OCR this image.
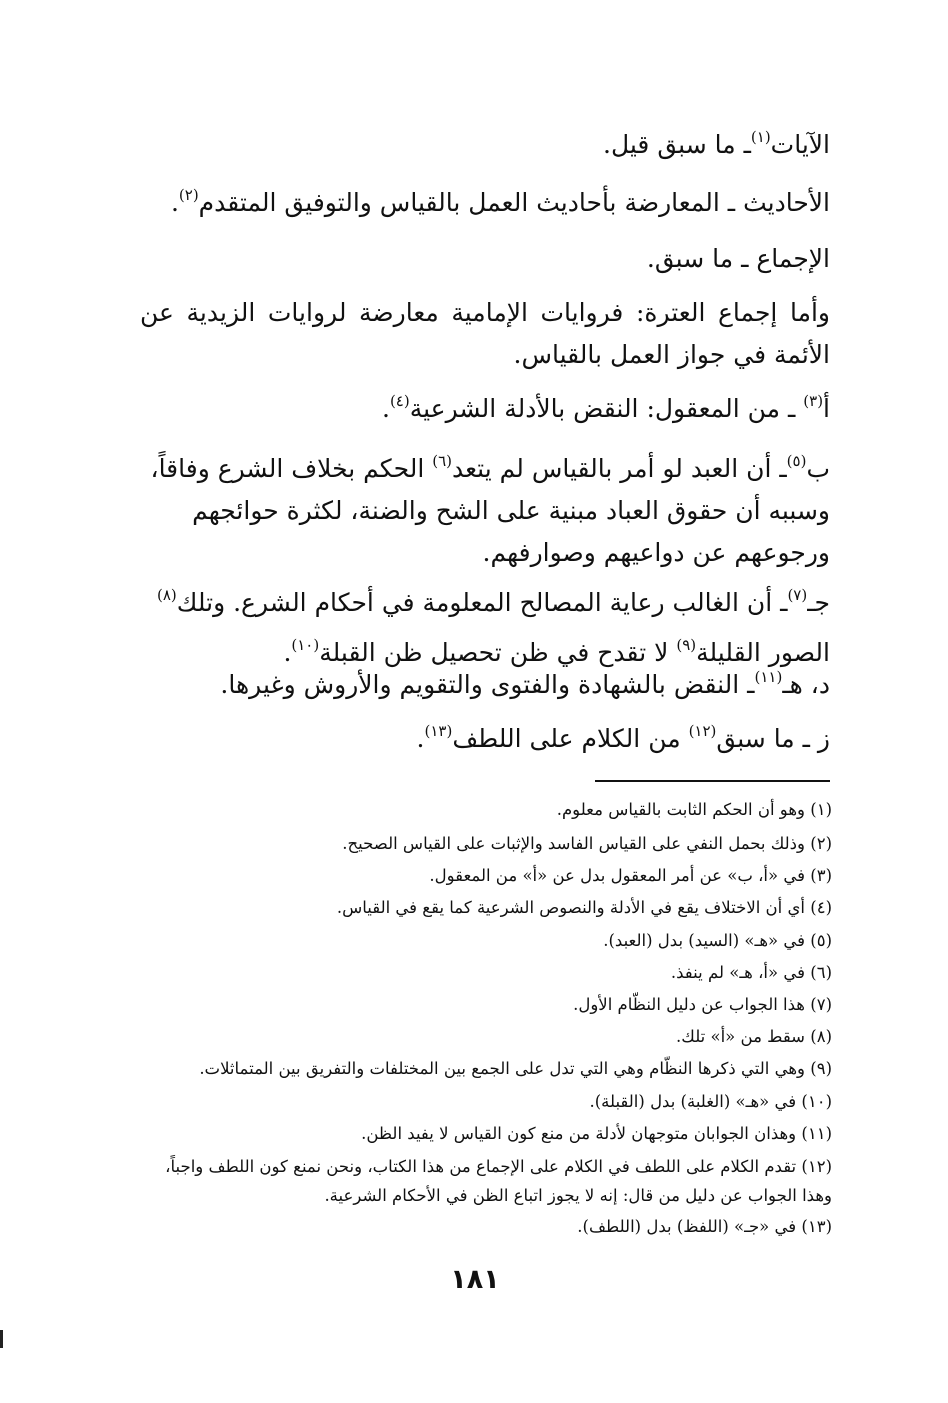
الآيات$^{(١)}$ـ ما سبق قيل.
الأحاديث ـ المعارضة بأحاديث العمل بالقياس والتوفيق المتقدم$^{(٢)}$.
الإجماع ـ ما سبق.
وأما إجماع العترة: فروايات الإمامية معارضة لروايات الزيدية عن الأئمة في جواز العمل بالقياس.
أ$^{(٣)}$ ـ من المعقول: النقض بالأدلة الشرعية$^{(٤)}$.
ب$^{(٥)}$ـ أن العبد لو أمر بالقياس لم يتعد$^{(٦)}$ الحكم بخلاف الشرع وفاقاً، وسببه أن حقوق العباد مبنية على الشح والضنة، لكثرة حوائجهم ورجوعهم عن دواعيهم وصوارفهم.
جـ$^{(٧)}$ـ أن الغالب رعاية المصالح المعلومة في أحكام الشرع. وتلك$^{(٨)}$ الصور القليلة$^{(٩)}$ لا تقدح في ظن تحصيل ظن القبلة$^{(١٠)}$.
د، هـ$^{(١١)}$ـ النقض بالشهادة والفتوى والتقويم والأروش وغيرها.
ز ـ ما سبق$^{(١٢)}$ من الكلام على اللطف$^{(١٣)}$.
(١) وهو أن الحكم الثابت بالقياس معلوم.
(٢) وذلك بحمل النفي على القياس الفاسد والإثبات على القياس الصحيح.
(٣) في «أ، ب» عن أمر المعقول بدل عن «أ» من المعقول.
(٤) أي أن الاختلاف يقع في الأدلة والنصوص الشرعية كما يقع في القياس.
(٥) في «هـ» (السيد) بدل (العبد).
(٦) في «أ، هـ» لم ينفذ.
(٧) هذا الجواب عن دليل النظّام الأول.
(٨) سقط من «أ» تلك.
(٩) وهي التي ذكرها النظّام وهي التي تدل على الجمع بين المختلفات والتفريق بين المتماثلات.
(١٠) في «هـ» (الغلبة) بدل (القبلة).
(١١) وهذان الجوابان متوجهان لأدلة من منع كون القياس لا يفيد الظن.
(١٢) تقدم الكلام على اللطف في الكلام على الإجماع من هذا الكتاب، ونحن نمنع كون اللطف واجباً، وهذا الجواب عن دليل من قال: إنه لا يجوز اتباع الظن في الأحكام الشرعية.
(١٣) في «جـ» (اللفظ) بدل (اللطف).
١٨١
